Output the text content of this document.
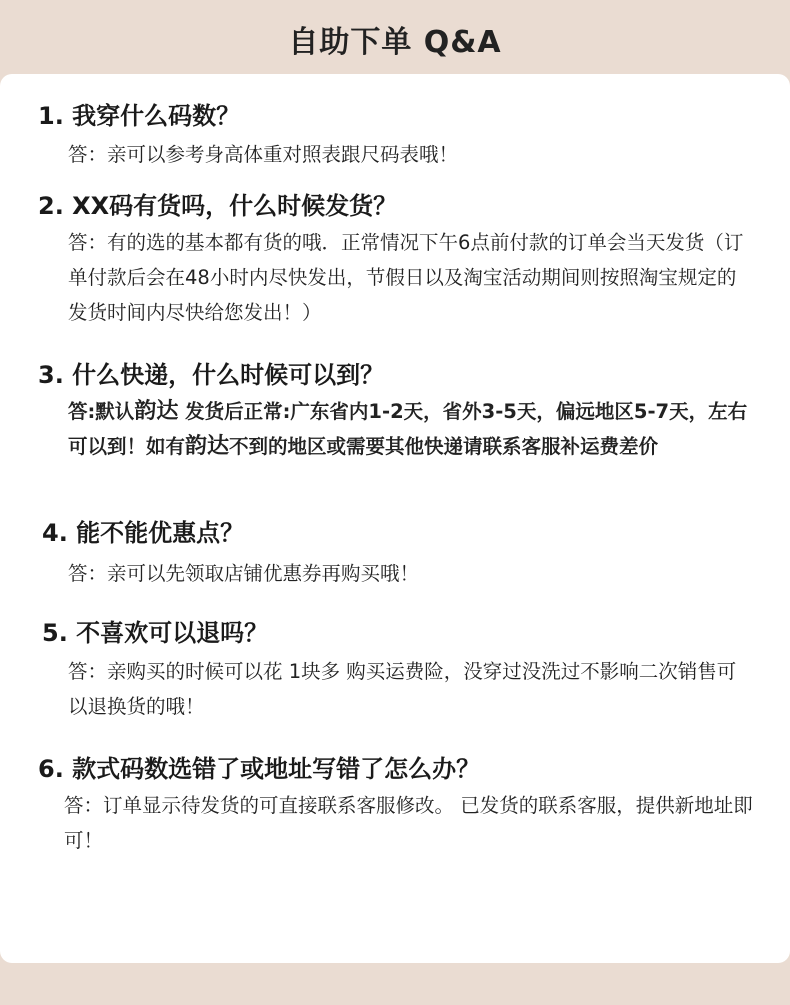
自助下单 Q&A
1. 我穿什么码数？
答：亲可以参考身高体重对照表跟尺码表哦！
2. XX码有货吗，什么时候发货？
答：有的选的基本都有货的哦．正常情况下午6点前付款的订单会当天发货（订单付款后会在48小时内尽快发出，节假日以及淘宝活动期间则按照淘宝规定的发货时间内尽快给您发出！）
3. 什么快递，什么时候可以到？
答:默认韵达 发货后正常:广东省内1-2天，省外3-5天，偏远地区5-7天，左右可以到！如有韵达不到的地区或需要其他快递请联系客服补运费差价
4. 能不能优惠点？
答：亲可以先领取店铺优惠券再购买哦！
5. 不喜欢可以退吗？
答：亲购买的时候可以花 1块多 购买运费险，没穿过没洗过不影响二次销售可以退换货的哦！
6. 款式码数选错了或地址写错了怎么办？
答：订单显示待发货的可直接联系客服修改。 已发货的联系客服，提供新地址即可！
